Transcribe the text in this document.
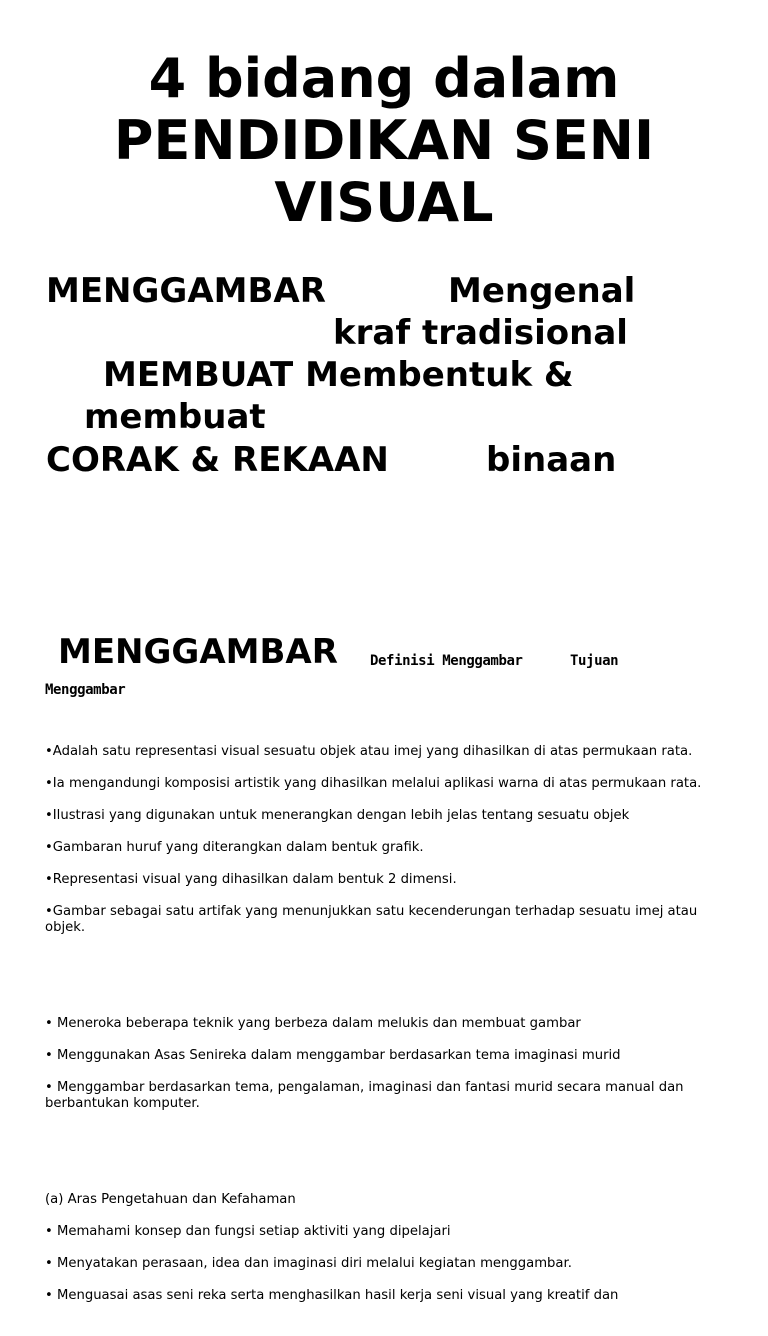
4 bidang dalam
PENDIDIKAN SENI
VISUAL
MENGGAMBAR	Mengenal
kraf tradisional
MEMBUAT Membentuk &
membuat
CORAK & REKAAN	binaan
MENGGAMBAR Definisi Menggambar	Tujuan
Menggambar

•Adalah satu representasi visual sesuatu objek atau imej yang dihasilkan di atas permukaan rata.

•Ia mengandungi komposisi artistik yang dihasilkan melalui aplikasi warna di atas permukaan rata.

•Ilustrasi yang digunakan untuk menerangkan dengan lebih jelas tentang sesuatu objek

•Gambaran huruf yang diterangkan dalam bentuk grafik.

•Representasi visual yang dihasilkan dalam bentuk 2 dimensi.

•Gambar sebagai satu artifak yang menunjukkan satu kecenderungan terhadap sesuatu imej atau objek.

• Meneroka beberapa teknik yang berbeza dalam melukis dan membuat gambar

• Menggunakan Asas Senireka dalam menggambar berdasarkan tema imaginasi murid

• Menggambar berdasarkan tema, pengalaman, imaginasi dan fantasi murid secara manual dan berbantukan komputer.

(a) Aras Pengetahuan dan Kefahaman

• Memahami konsep dan fungsi setiap aktiviti yang dipelajari

• Menyatakan perasaan, idea dan imaginasi diri melalui kegiatan menggambar.

• Menguasai asas seni reka serta menghasilkan hasil kerja seni visual yang kreatif dan
